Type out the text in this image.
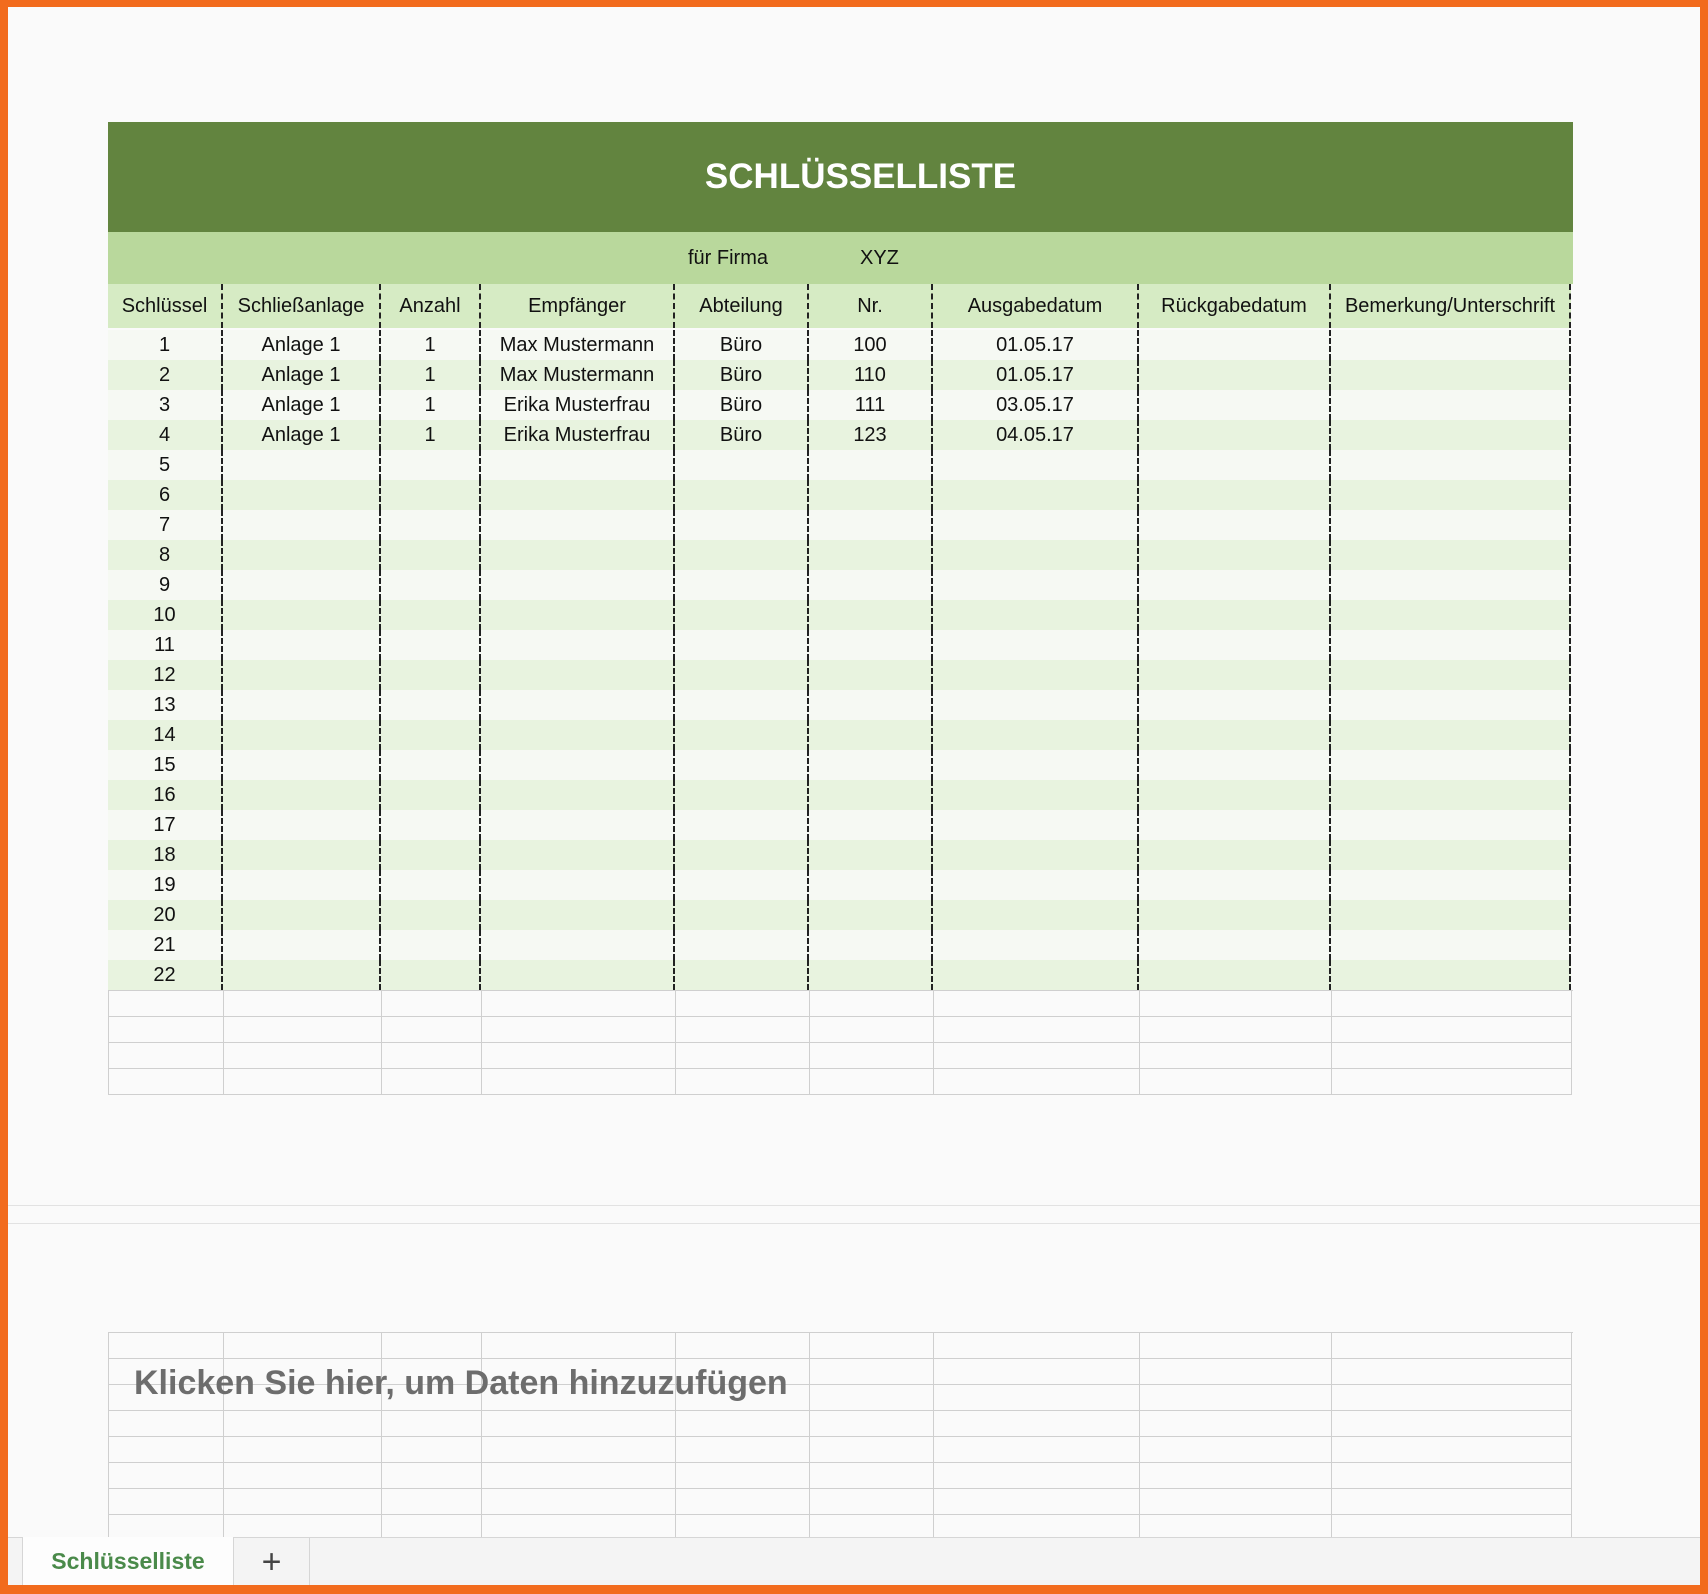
SCHLÜSSELLISTE
für Firma	XYZ
Schlüssel	Schließanlage	Anzahl	Empfänger	Abteilung	Nr.	Ausgabedatum	Rückgabedatum	Bemerkung/Unterschrift
1	Anlage 1	1	Max Mustermann	Büro	100	01.05.17
2	Anlage 1	1	Max Mustermann	Büro	110	01.05.17
3	Anlage 1	1	Erika Musterfrau	Büro	111	03.05.17
4	Anlage 1	1	Erika Musterfrau	Büro	123	04.05.17
5
6
7
8
9
10
11
12
13
14
15
16
17
18
19
20
21
22
Klicken Sie hier, um Daten hinzuzufügen
Schlüsselliste	+
